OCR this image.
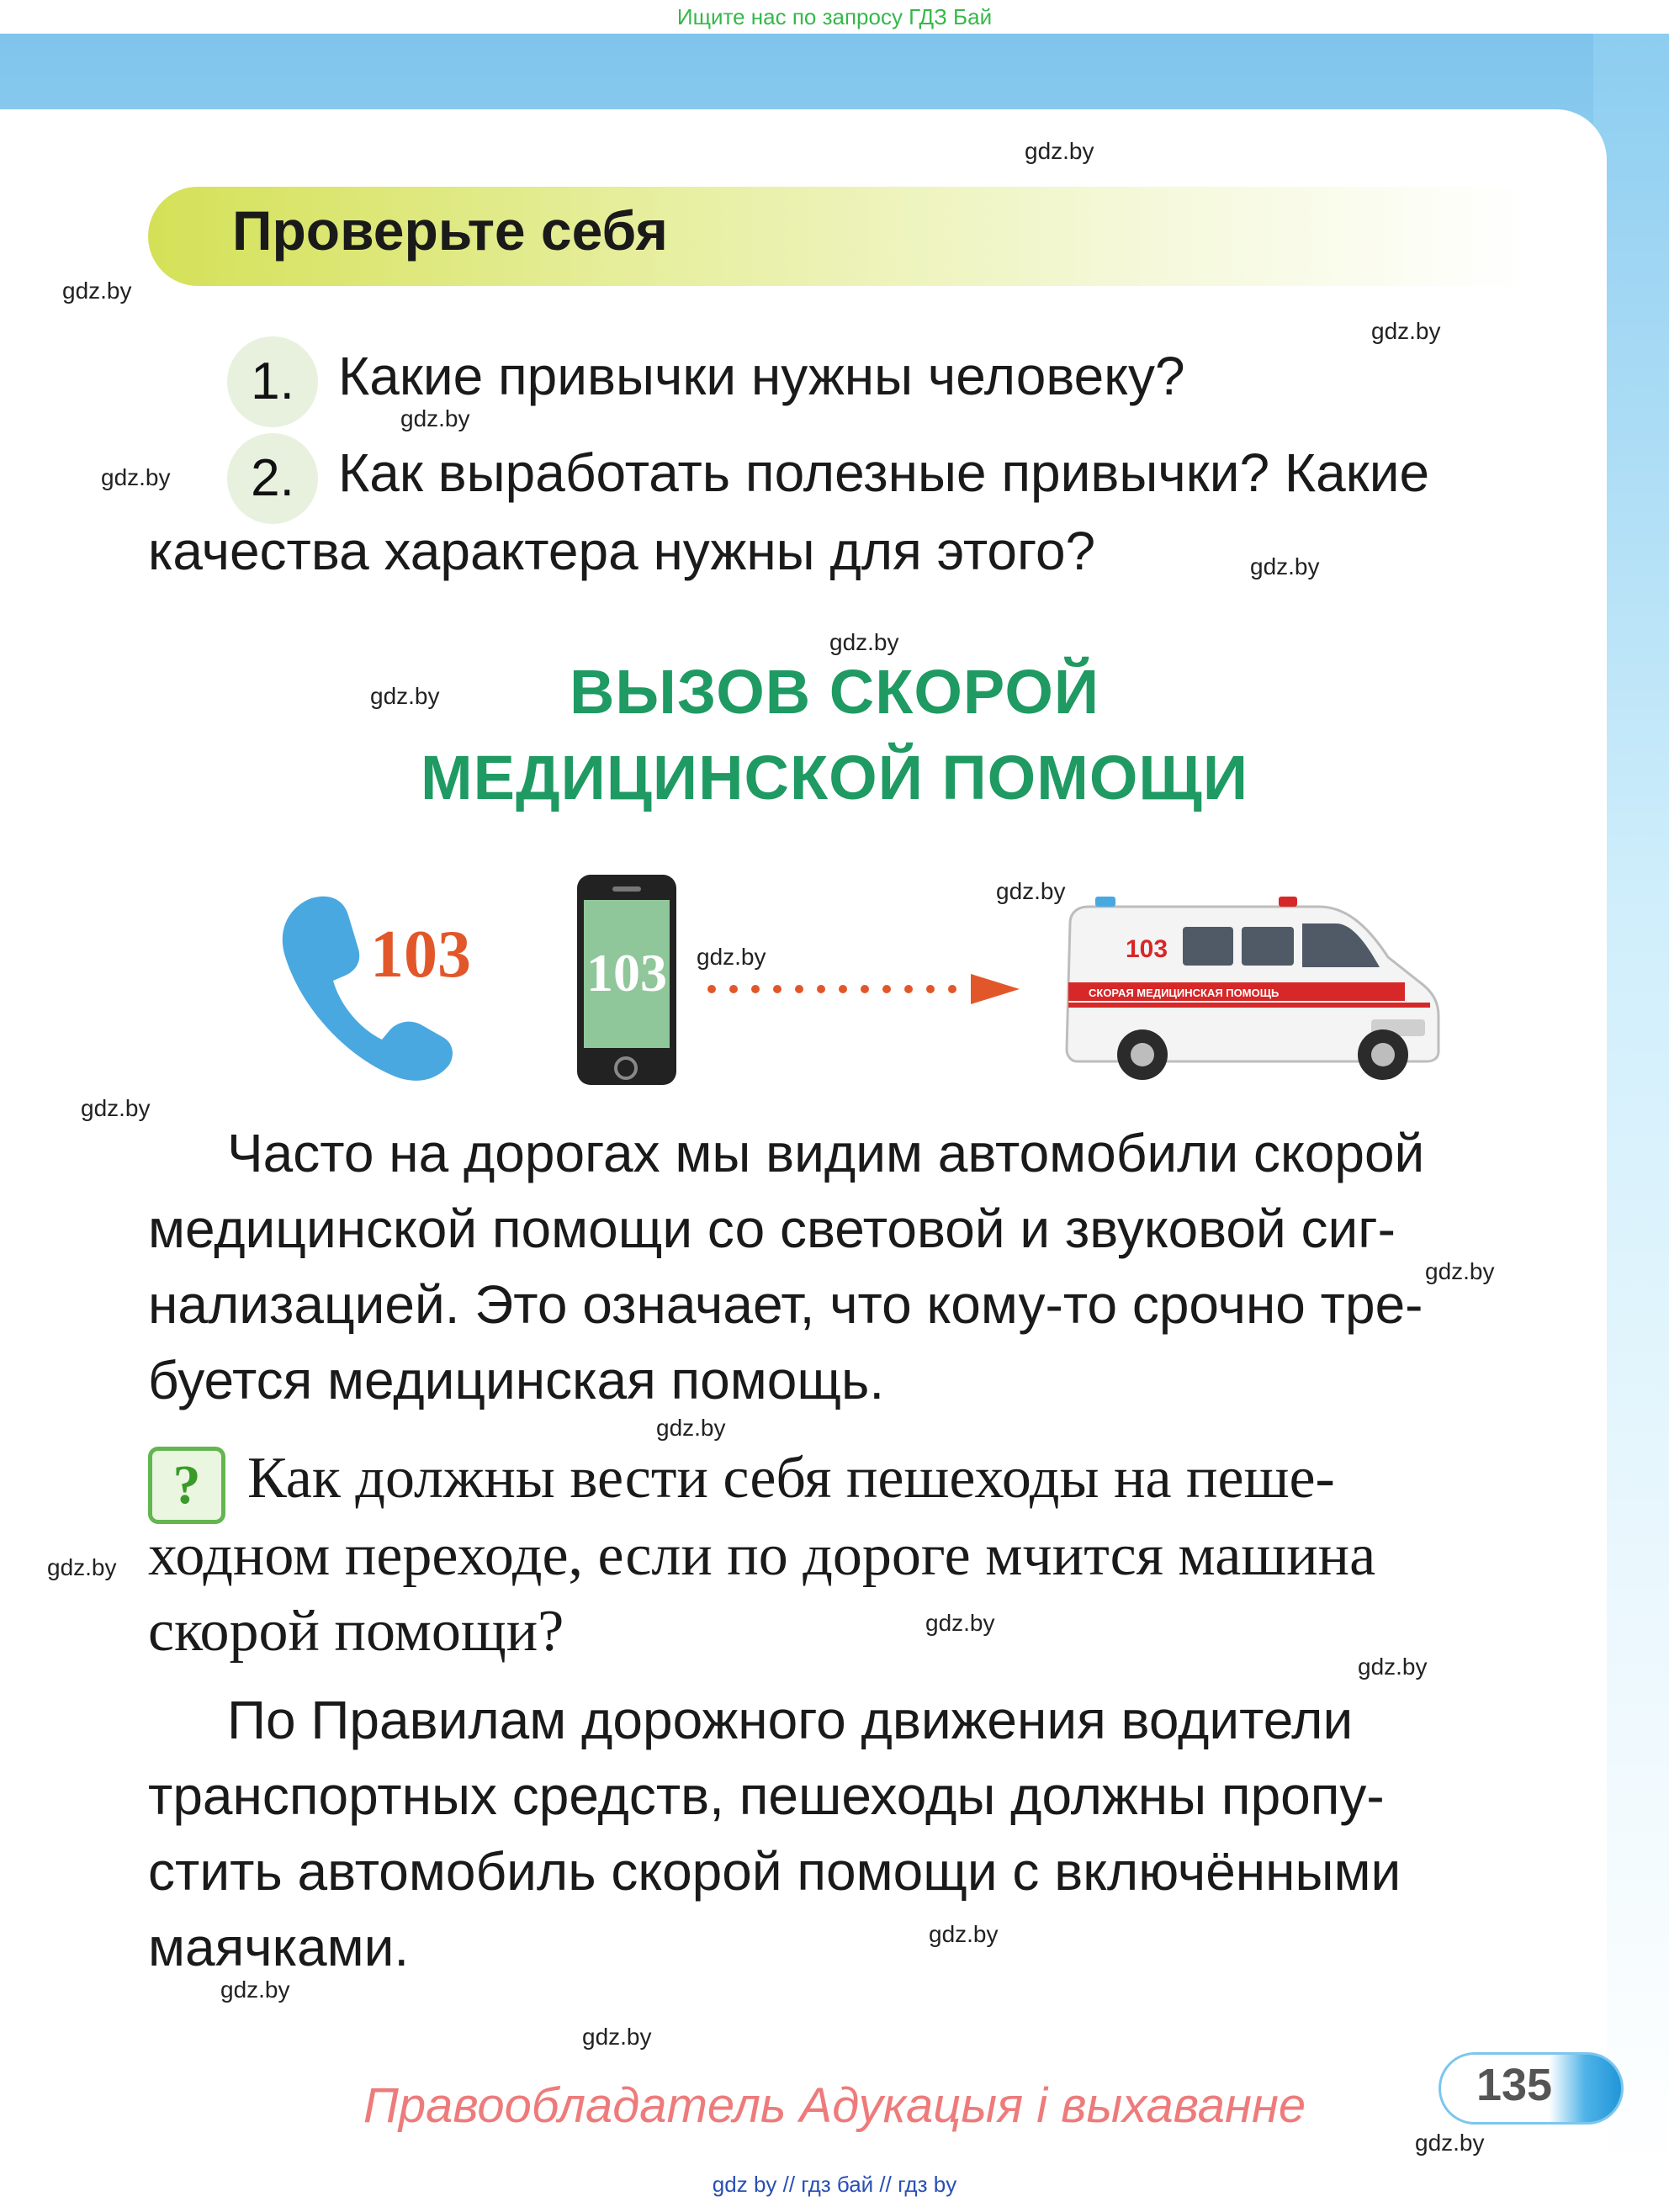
Ищите нас по запросу ГДЗ Бай
gdz.by
gdz.by
gdz.by
gdz.by
gdz.by
gdz.by
gdz.by
gdz.by
gdz.by
gdz.by
gdz.by
gdz.by
gdz.by
gdz.by
gdz.by
gdz.by
gdz.by
gdz.by
gdz.by
gdz.by
Проверьте себя
1. Какие привычки нужны человеку?
2. Как выработать полезные привычки? Какие
качества характера нужны для этого?
ВЫЗОВ СКОРОЙ
МЕДИЦИНСКОЙ ПОМОЩИ
103 103	103
СКОРАЯ МЕДИЦИНСКАЯ ПОМОЩЬ
Часто на дорогах мы видим автомобили скорой
медицинской помощи со световой и звуковой сиг-
нализацией. Это означает, что кому-то срочно тре-
буется медицинская помощь.
? Как должны вести себя пешеходы на пеше-
ходном переходе, если по дороге мчится машина
скорой помощи?
По Правилам дорожного движения водители
транспортных средств, пешеходы должны пропу-
стить автомобиль скорой помощи с включёнными
маячками.
135
Правообладатель Адукацыя і выхаванне
gdz by // гдз бай // гдз by
